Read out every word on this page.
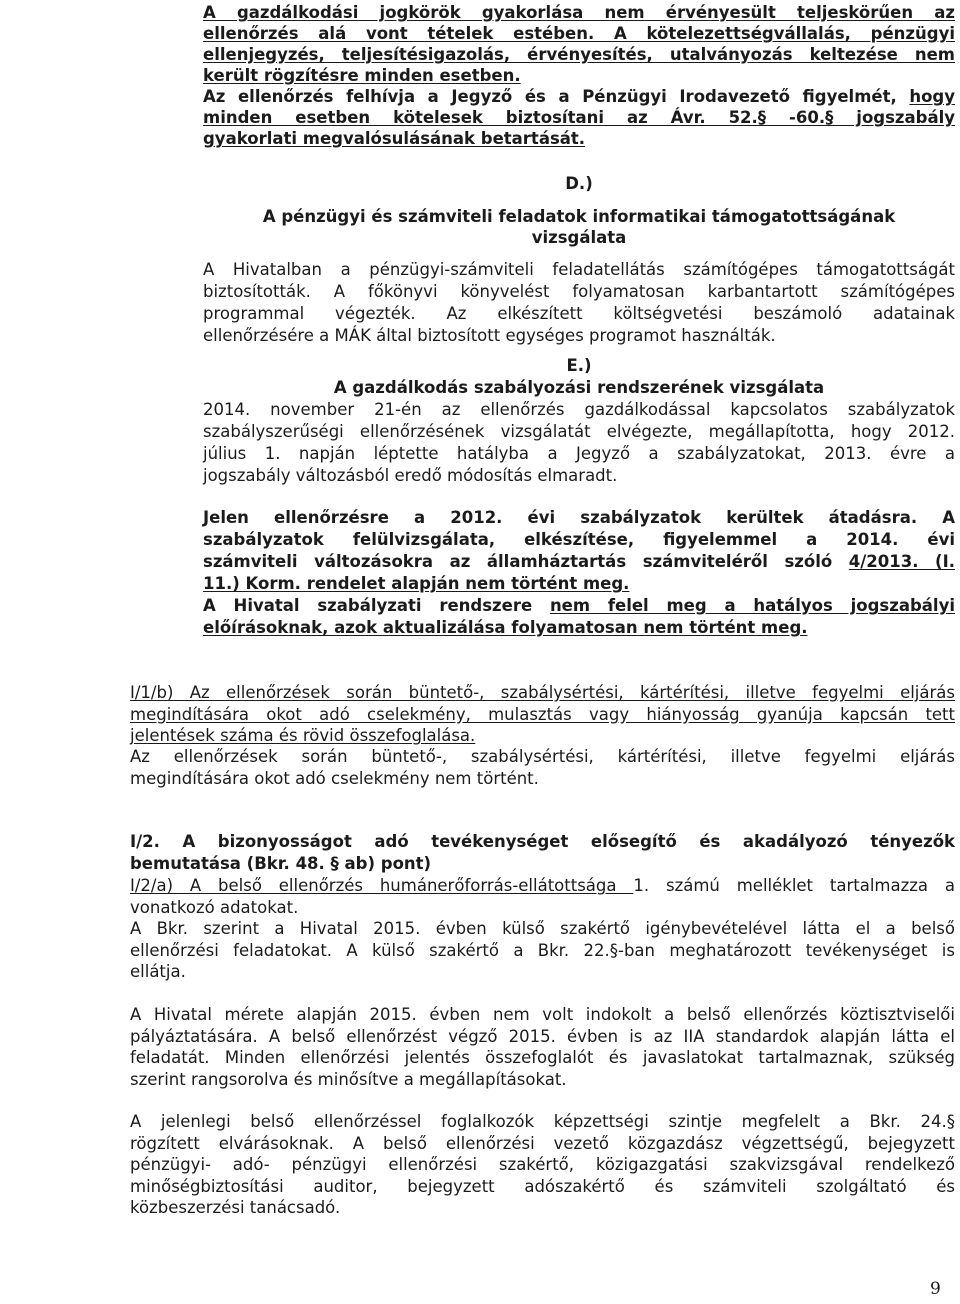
A gazdálkodási jogkörök gyakorlása nem érvényesült teljeskörűen az
ellenőrzés alá vont tételek estében. A kötelezettségvállalás, pénzügyi
ellenjegyzés, teljesítésigazolás, érvényesítés, utalványozás keltezése nem
került rögzítésre minden esetben.
Az ellenőrzés felhívja a Jegyző és a Pénzügyi Irodavezető figyelmét, hogy
minden esetben kötelesek biztosítani az Ávr. 52.§ -60.§ jogszabály
gyakorlati megvalósulásának betartását.
D.)
A pénzügyi és számviteli feladatok informatikai támogatottságának
vizsgálata
A Hivatalban a pénzügyi-számviteli feladatellátás számítógépes támogatottságát
biztosították. A főkönyvi könyvelést folyamatosan karbantartott számítógépes
programmal végezték. Az elkészített költségvetési beszámoló adatainak
ellenőrzésére a MÁK által biztosított egységes programot használták.
E.)
A gazdálkodás szabályozási rendszerének vizsgálata
2014. november 21-én az ellenőrzés gazdálkodással kapcsolatos szabályzatok
szabályszerűségi ellenőrzésének vizsgálatát elvégezte, megállapította, hogy 2012.
július 1. napján léptette hatályba a Jegyző a szabályzatokat, 2013. évre a
jogszabály változásból eredő módosítás elmaradt.
Jelen ellenőrzésre a 2012. évi szabályzatok kerültek átadásra. A
szabályzatok felülvizsgálata, elkészítése, figyelemmel a 2014. évi
számviteli változásokra az államháztartás számviteléről szóló 4/2013. (I.
11.) Korm. rendelet alapján nem történt meg.
A Hivatal szabályzati rendszere nem felel meg a hatályos jogszabályi
előírásoknak, azok aktualizálása folyamatosan nem történt meg.
I/1/b) Az ellenőrzések során büntető-, szabálysértési, kártérítési, illetve fegyelmi eljárás
megindítására okot adó cselekmény, mulasztás vagy hiányosság gyanúja kapcsán tett
jelentések száma és rövid összefoglalása.
Az ellenőrzések során büntető-, szabálysértési, kártérítési, illetve fegyelmi eljárás
megindítására okot adó cselekmény nem történt.
I/2. A bizonyosságot adó tevékenységet elősegítő és akadályozó tényezők
bemutatása (Bkr. 48. § ab) pont)
I/2/a) A belső ellenőrzés humánerőforrás-ellátottsága 1. számú melléklet tartalmazza a
vonatkozó adatokat.
A Bkr. szerint a Hivatal 2015. évben külső szakértő igénybevételével látta el a belső
ellenőrzési feladatokat. A külső szakértő a Bkr. 22.§-ban meghatározott tevékenységet is
ellátja.
A Hivatal mérete alapján 2015. évben nem volt indokolt a belső ellenőrzés köztisztviselői
pályáztatására. A belső ellenőrzést végző 2015. évben is az IIA standardok alapján látta el
feladatát. Minden ellenőrzési jelentés összefoglalót és javaslatokat tartalmaznak, szükség
szerint rangsorolva és minősítve a megállapításokat.
A jelenlegi belső ellenőrzéssel foglalkozók képzettségi szintje megfelelt a Bkr. 24.§
rögzített elvárásoknak. A belső ellenőrzési vezető közgazdász végzettségű, bejegyzett
pénzügyi- adó- pénzügyi ellenőrzési szakértő, közigazgatási szakvizsgával rendelkező
minőségbiztosítási auditor, bejegyzett adószakértő és számviteli szolgáltató és
közbeszerzési tanácsadó.
9
